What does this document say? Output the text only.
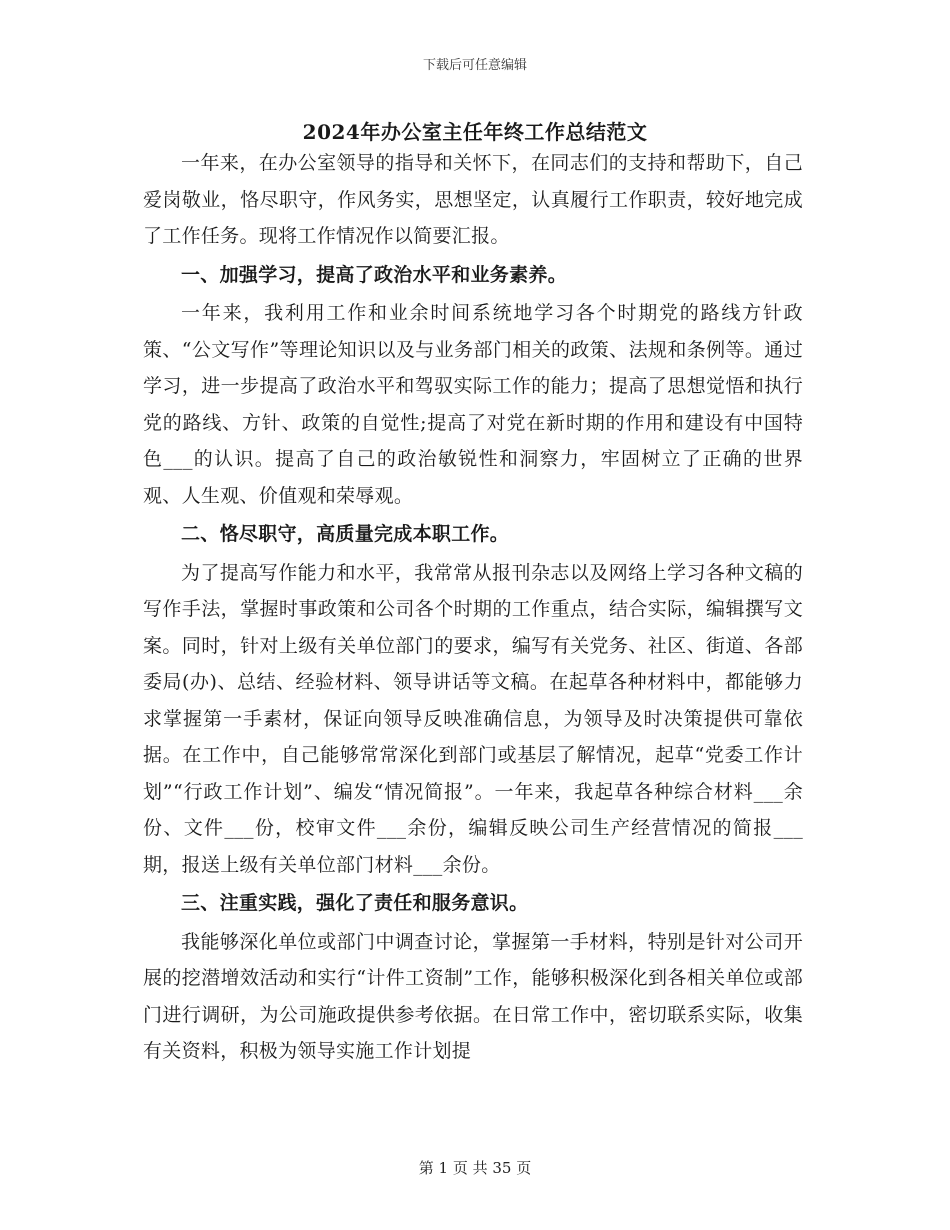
下载后可任意编辑
2024年办公室主任年终工作总结范文

一年来，在办公室领导的指导和关怀下，在同志们的支持和帮助下，自己爱岗敬业，恪尽职守，作风务实，思想坚定，认真履行工作职责，较好地完成了工作任务。现将工作情况作以简要汇报。

一、加强学习，提高了政治水平和业务素养。

一年来，我利用工作和业余时间系统地学习各个时期党的路线方针政策、“公文写作”等理论知识以及与业务部门相关的政策、法规和条例等。通过学习，进一步提高了政治水平和驾驭实际工作的能力；提高了思想觉悟和执行党的路线、方针、政策的自觉性;提高了对党在新时期的作用和建设有中国特色___的认识。提高了自己的政治敏锐性和洞察力，牢固树立了正确的世界观、人生观、价值观和荣辱观。

二、恪尽职守，高质量完成本职工作。

为了提高写作能力和水平，我常常从报刊杂志以及网络上学习各种文稿的写作手法，掌握时事政策和公司各个时期的工作重点，结合实际，编辑撰写文案。同时，针对上级有关单位部门的要求，编写有关党务、社区、街道、各部委局(办)、总结、经验材料、领导讲话等文稿。在起草各种材料中，都能够力求掌握第一手素材，保证向领导反映准确信息，为领导及时决策提供可靠依据。在工作中，自己能够常常深化到部门或基层了解情况，起草“党委工作计划”“行政工作计划”、编发“情况简报”。一年来，我起草各种综合材料___余份、文件___份，校审文件___余份，编辑反映公司生产经营情况的简报___期，报送上级有关单位部门材料___余份。

三、注重实践，强化了责任和服务意识。

我能够深化单位或部门中调查讨论，掌握第一手材料，特别是针对公司开展的挖潜增效活动和实行“计件工资制”工作，能够积极深化到各相关单位或部门进行调研，为公司施政提供参考依据。在日常工作中，密切联系实际，收集有关资料，积极为领导实施工作计划提

第 1 页 共 35 页
